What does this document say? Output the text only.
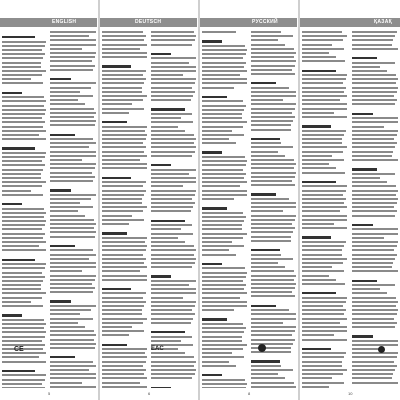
ENGLISH	DEUTSCH	РУССКИЙ	ҚАЗАҚ
CE	EAC
5	6	8	10
